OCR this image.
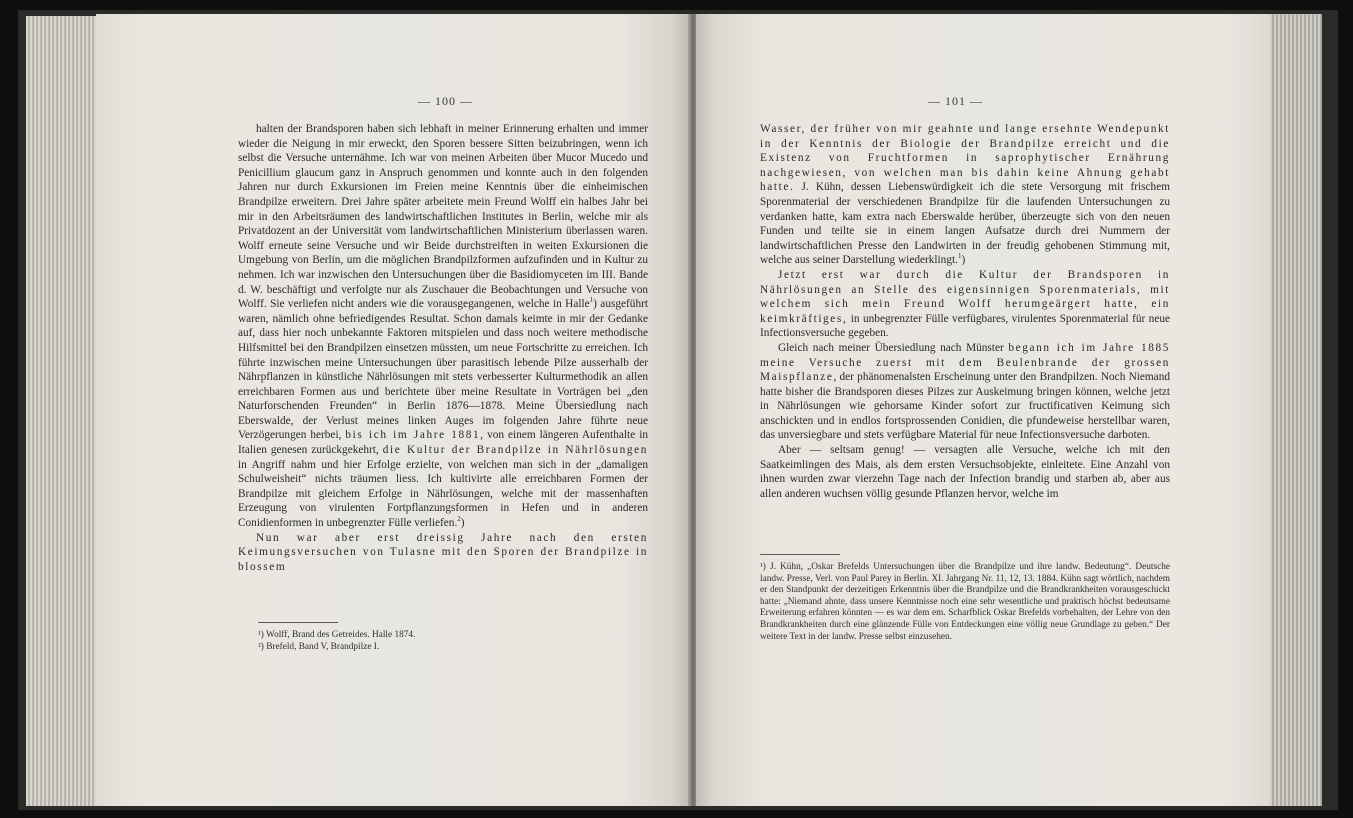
— 100 —

halten der Brandsporen haben sich lebhaft in meiner Erinnerung erhalten und immer wieder die Neigung in mir erweckt, den Sporen bessere Sitten beizubringen, wenn ich selbst die Versuche unternähme. Ich war von meinen Arbeiten über Mucor Mucedo und Penicillium glaucum ganz in Anspruch genommen und konnte auch in den folgenden Jahren nur durch Exkursionen im Freien meine Kenntnis über die einheimischen Brandpilze erweitern. Drei Jahre später arbeitete mein Freund Wolff ein halbes Jahr bei mir in den Arbeitsräumen des landwirtschaftlichen Institutes in Berlin, welche mir als Privatdozent an der Universität vom landwirtschaftlichen Ministerium überlassen waren. Wolff erneute seine Versuche und wir Beide durchstreiften in weiten Exkursionen die Umgebung von Berlin, um die möglichen Brandpilzformen aufzufinden und in Kultur zu nehmen. Ich war inzwischen den Untersuchungen über die Basidiomyceten im III. Bande d. W. beschäftigt und verfolgte nur als Zuschauer die Beobachtungen und Versuche von Wolff. Sie verliefen nicht anders wie die vorausgegangenen, welche in Halle$^1$) ausgeführt waren, nämlich ohne befriedigendes Resultat. Schon damals keimte in mir der Gedanke auf, dass hier noch unbekannte Faktoren mitspielen und dass noch weitere methodische Hilfsmittel bei den Brandpilzen einsetzen müssten, um neue Fortschritte zu erreichen. Ich führte inzwischen meine Untersuchungen über parasitisch lebende Pilze ausserhalb der Nährpflanzen in künstliche Nährlösungen mit stets verbesserter Kulturmethodik an allen erreichbaren Formen aus und berichtete über meine Resultate in Vorträgen bei „den Naturforschenden Freunden“ in Berlin 1876—1878. Meine Übersiedlung nach Eberswalde, der Verlust meines linken Auges im folgenden Jahre führte neue Verzögerungen herbei, bis ich im Jahre 1881, von einem längeren Aufenthalte in Italien genesen zurückgekehrt, die Kultur der Brandpilze in Nährlösungen in Angriff nahm und hier Erfolge erzielte, von welchen man sich in der „damaligen Schulweisheit“ nichts träumen liess. Ich kultivirte alle erreichbaren Formen der Brandpilze mit gleichem Erfolge in Nährlösungen, welche mit der massenhaften Erzeugung von virulenten Fortpflanzungsformen in Hefen und in anderen Conidienformen in unbegrenzter Fülle verliefen.$^2$)

Nun war aber erst dreissig Jahre nach den ersten Keimungsversuchen von Tulasne mit den Sporen der Brandpilze in blossem

¹) Wolff, Brand des Getreides. Halle 1874.

²) Brefeld, Band V, Brandpilze I.

— 101 —

Wasser, der früher von mir geahnte und lange ersehnte Wendepunkt in der Kenntnis der Biologie der Brandpilze erreicht und die Existenz von Fruchtformen in saprophytischer Ernährung nachgewiesen, von welchen man bis dahin keine Ahnung gehabt hatte. J. Kühn, dessen Liebenswürdigkeit ich die stete Versorgung mit frischem Sporenmaterial der verschiedenen Brandpilze für die laufenden Untersuchungen zu verdanken hatte, kam extra nach Eberswalde herüber, überzeugte sich von den neuen Funden und teilte sie in einem langen Aufsatze durch drei Nummern der landwirtschaftlichen Presse den Landwirten in der freudig gehobenen Stimmung mit, welche aus seiner Darstellung wiederklingt.$^1$)

Jetzt erst war durch die Kultur der Brandsporen in Nährlösungen an Stelle des eigensinnigen Sporenmaterials, mit welchem sich mein Freund Wolff herumgeärgert hatte, ein keimkräftiges, in unbegrenzter Fülle verfügbares, virulentes Sporenmaterial für neue Infectionsversuche gegeben.

Gleich nach meiner Übersiedlung nach Münster begann ich im Jahre 1885 meine Versuche zuerst mit dem Beulenbrande der grossen Maispflanze, der phänomenalsten Erscheinung unter den Brandpilzen. Noch Niemand hatte bisher die Brandsporen dieses Pilzes zur Auskeimung bringen können, welche jetzt in Nährlösungen wie gehorsame Kinder sofort zur fructificativen Keimung sich anschickten und in endlos fortsprossenden Conidien, die pfundeweise herstellbar waren, das unversiegbare und stets verfügbare Material für neue Infectionsversuche darboten.

Aber — seltsam genug! — versagten alle Versuche, welche ich mit den Saatkeimlingen des Mais, als dem ersten Versuchsobjekte, einleitete. Eine Anzahl von ihnen wurden zwar vierzehn Tage nach der Infection brandig und starben ab, aber aus allen anderen wuchsen völlig gesunde Pflanzen hervor, welche im

¹) J. Kühn, „Oskar Brefelds Untersuchungen über die Brandpilze und ihre landw. Bedeutung“. Deutsche landw. Presse, Verl. von Paul Parey in Berlin. XI. Jahrgang Nr. 11, 12, 13. 1884. Kühn sagt wörtlich, nachdem er den Standpunkt der derzeitigen Erkenntnis über die Brandpilze und die Brandkrankheiten vorausgeschickt hatte: „Niemand ahnte, dass unsere Kenntnisse noch eine sehr wesentliche und praktisch höchst bedeutsame Erweiterung erfahren könnten — es war dem em. Scharfblick Oskar Brefelds vorbehalten, der Lehre von den Brandkrankheiten durch eine glänzende Fülle von Entdeckungen eine völlig neue Grundlage zu geben.“ Der weitere Text in der landw. Presse selbst einzusehen.
